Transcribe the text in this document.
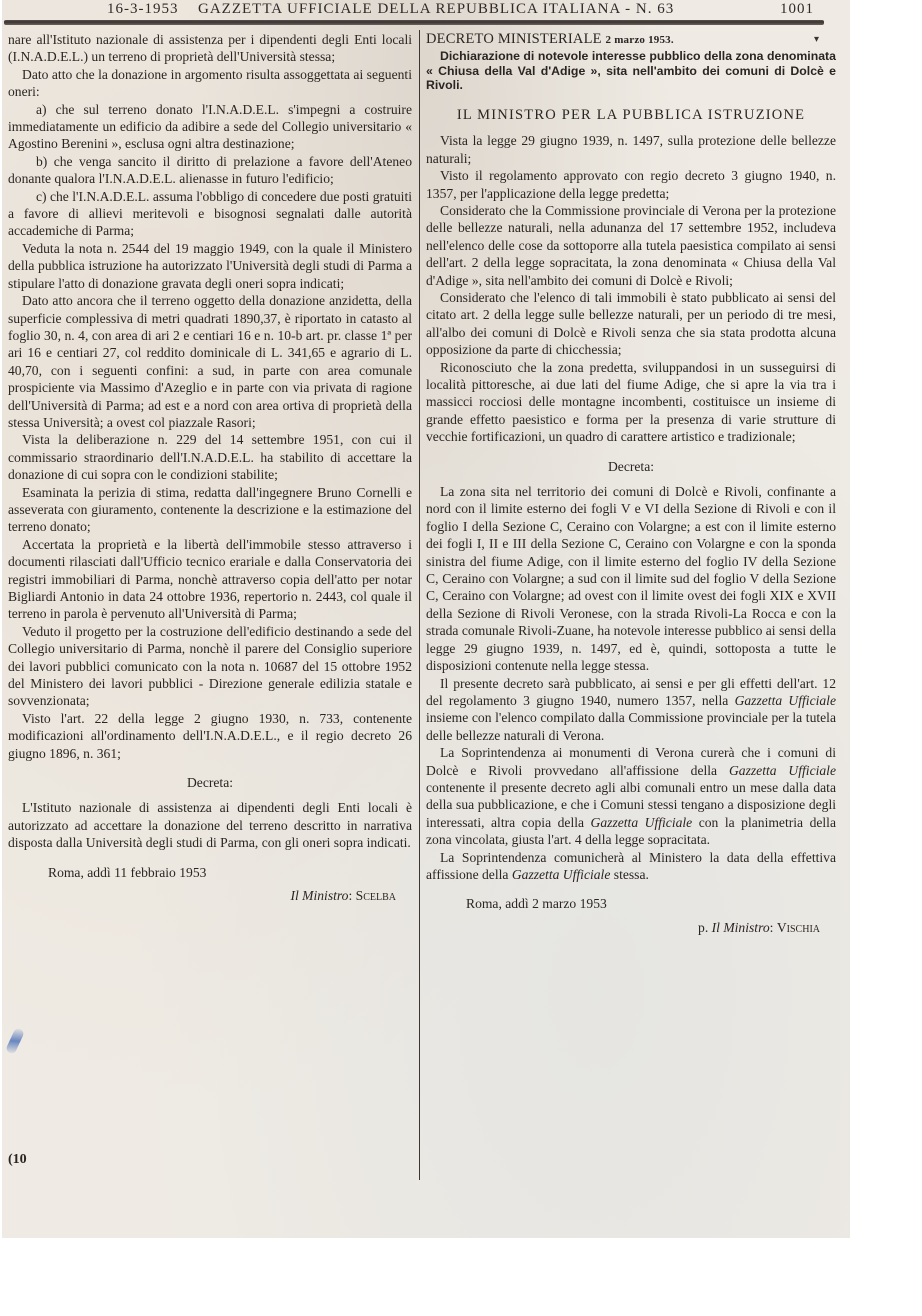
16-3-1953 GAZZETTA UFFICIALE DELLA REPUBBLICA ITALIANA - N. 63	1001
▾

nare all'Istituto nazionale di assistenza per i dipendenti degli Enti locali (I.N.A.D.E.L.) un terreno di proprietà dell'Università stessa;

Dato atto che la donazione in argomento risulta assoggettata ai seguenti oneri:

a) che sul terreno donato l'I.N.A.D.E.L. s'impegni a costruire immediatamente un edificio da adibire a sede del Collegio universitario « Agostino Berenini », esclusa ogni altra destinazione;

b) che venga sancito il diritto di prelazione a favore dell'Ateneo donante qualora l'I.N.A.D.E.L. alienasse in futuro l'edificio;

c) che l'I.N.A.D.E.L. assuma l'obbligo di concedere due posti gratuiti a favore di allievi meritevoli e bisognosi segnalati dalle autorità accademiche di Parma;

Veduta la nota n. 2544 del 19 maggio 1949, con la quale il Ministero della pubblica istruzione ha autorizzato l'Università degli studi di Parma a stipulare l'atto di donazione gravata degli oneri sopra indicati;

Dato atto ancora che il terreno oggetto della donazione anzidetta, della superficie complessiva di metri quadrati 1890,37, è riportato in catasto al foglio 30, n. 4, con area di ari 2 e centiari 16 e n. 10-b art. pr. classe 1ª per ari 16 e centiari 27, col reddito dominicale di L. 341,65 e agrario di L. 40,70, con i seguenti confini: a sud, in parte con area comunale prospiciente via Massimo d'Azeglio e in parte con via privata di ragione dell'Università di Parma; ad est e a nord con area ortiva di proprietà della stessa Università; a ovest col piazzale Rasori;

Vista la deliberazione n. 229 del 14 settembre 1951, con cui il commissario straordinario dell'I.N.A.D.E.L. ha stabilito di accettare la donazione di cui sopra con le condizioni stabilite;

Esaminata la perizia di stima, redatta dall'ingegnere Bruno Cornelli e asseverata con giuramento, contenente la descrizione e la estimazione del terreno donato;

Accertata la proprietà e la libertà dell'immobile stesso attraverso i documenti rilasciati dall'Ufficio tecnico erariale e dalla Conservatoria dei registri immobiliari di Parma, nonchè attraverso copia dell'atto per notar Bigliardi Antonio in data 24 ottobre 1936, repertorio n. 2443, col quale il terreno in parola è pervenuto all'Università di Parma;

Veduto il progetto per la costruzione dell'edificio destinando a sede del Collegio universitario di Parma, nonchè il parere del Consiglio superiore dei lavori pubblici comunicato con la nota n. 10687 del 15 ottobre 1952 del Ministero dei lavori pubblici - Direzione generale edilizia statale e sovvenzionata;

Visto l'art. 22 della legge 2 giugno 1930, n. 733, contenente modificazioni all'ordinamento dell'I.N.A.D.E.L., e il regio decreto 26 giugno 1896, n. 361;

Decreta:

L'Istituto nazionale di assistenza ai dipendenti degli Enti locali è autorizzato ad accettare la donazione del terreno descritto in narrativa disposta dalla Università degli studi di Parma, con gli oneri sopra indicati.

Roma, addì 11 febbraio 1953

Il Ministro: Scelba

(10

DECRETO MINISTERIALE 2 marzo 1953.

Dichiarazione di notevole interesse pubblico della zona denominata « Chiusa della Val d'Adige », sita nell'ambito dei comuni di Dolcè e Rivoli.

IL MINISTRO PER LA PUBBLICA ISTRUZIONE

Vista la legge 29 giugno 1939, n. 1497, sulla protezione delle bellezze naturali;

Visto il regolamento approvato con regio decreto 3 giugno 1940, n. 1357, per l'applicazione della legge predetta;

Considerato che la Commissione provinciale di Verona per la protezione delle bellezze naturali, nella adunanza del 17 settembre 1952, includeva nell'elenco delle cose da sottoporre alla tutela paesistica compilato ai sensi dell'art. 2 della legge sopracitata, la zona denominata « Chiusa della Val d'Adige », sita nell'ambito dei comuni di Dolcè e Rivoli;

Considerato che l'elenco di tali immobili è stato pubblicato ai sensi del citato art. 2 della legge sulle bellezze naturali, per un periodo di tre mesi, all'albo dei comuni di Dolcè e Rivoli senza che sia stata prodotta alcuna opposizione da parte di chicchessia;

Riconosciuto che la zona predetta, sviluppandosi in un susseguirsi di località pittoresche, ai due lati del fiume Adige, che si apre la via tra i massicci rocciosi delle montagne incombenti, costituisce un insieme di grande effetto paesistico e forma per la presenza di varie strutture di vecchie fortificazioni, un quadro di carattere artistico e tradizionale;

Decreta:

La zona sita nel territorio dei comuni di Dolcè e Rivoli, confinante a nord con il limite esterno dei fogli V e VI della Sezione di Rivoli e con il foglio I della Sezione C, Ceraino con Volargne; a est con il limite esterno dei fogli I, II e III della Sezione C, Ceraino con Volargne e con la sponda sinistra del fiume Adige, con il limite esterno del foglio IV della Sezione C, Ceraino con Volargne; a sud con il limite sud del foglio V della Sezione C, Ceraino con Volargne; ad ovest con il limite ovest dei fogli XIX e XVII della Sezione di Rivoli Veronese, con la strada Rivoli-La Rocca e con la strada comunale Rivoli-Zuane, ha notevole interesse pubblico ai sensi della legge 29 giugno 1939, n. 1497, ed è, quindi, sottoposta a tutte le disposizioni contenute nella legge stessa.

Il presente decreto sarà pubblicato, ai sensi e per gli effetti dell'art. 12 del regolamento 3 giugno 1940, numero 1357, nella Gazzetta Ufficiale insieme con l'elenco compilato dalla Commissione provinciale per la tutela delle bellezze naturali di Verona.

La Soprintendenza ai monumenti di Verona curerà che i comuni di Dolcè e Rivoli provvedano all'affissione della Gazzetta Ufficiale contenente il presente decreto agli albi comunali entro un mese dalla data della sua pubblicazione, e che i Comuni stessi tengano a disposizione degli interessati, altra copia della Gazzetta Ufficiale con la planimetria della zona vincolata, giusta l'art. 4 della legge sopracitata.

La Soprintendenza comunicherà al Ministero la data della effettiva affissione della Gazzetta Ufficiale stessa.

Roma, addì 2 marzo 1953

p. Il Ministro: Vischia
